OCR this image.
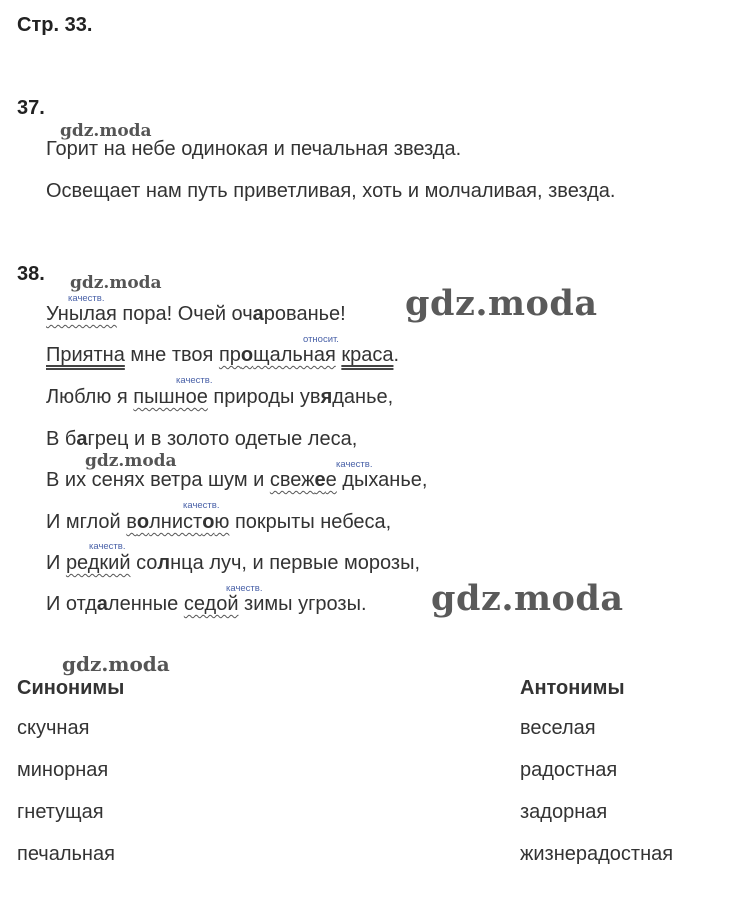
Стр. 33.
37.
gdz.moda
Горит на небе одинокая и печальная звезда.
Освещает нам путь приветливая, хоть и молчаливая, звезда.
38. gdz.moda
качеств.
Унылая пора! Очей очарованье! gdz.moda
относит.
Приятна мне твоя прощальная краса.
качеств.
Люблю я пышное природы увяданье,
В багрец и в золото одетые леса,
gdz.moda	качеств.
В их сенях ветра шум и свежее дыханье,
качеств.
И мглой волнистою покрыты небеса,
качеств.
И редкий солнца луч, и первые морозы,
качеств.
И отдаленные седой зимы угрозы. gdz.moda
gdz.moda
Синонимы
скучная
минорная
гнетущая
печальная
Антонимы
веселая
радостная
задорная
жизнерадостная
